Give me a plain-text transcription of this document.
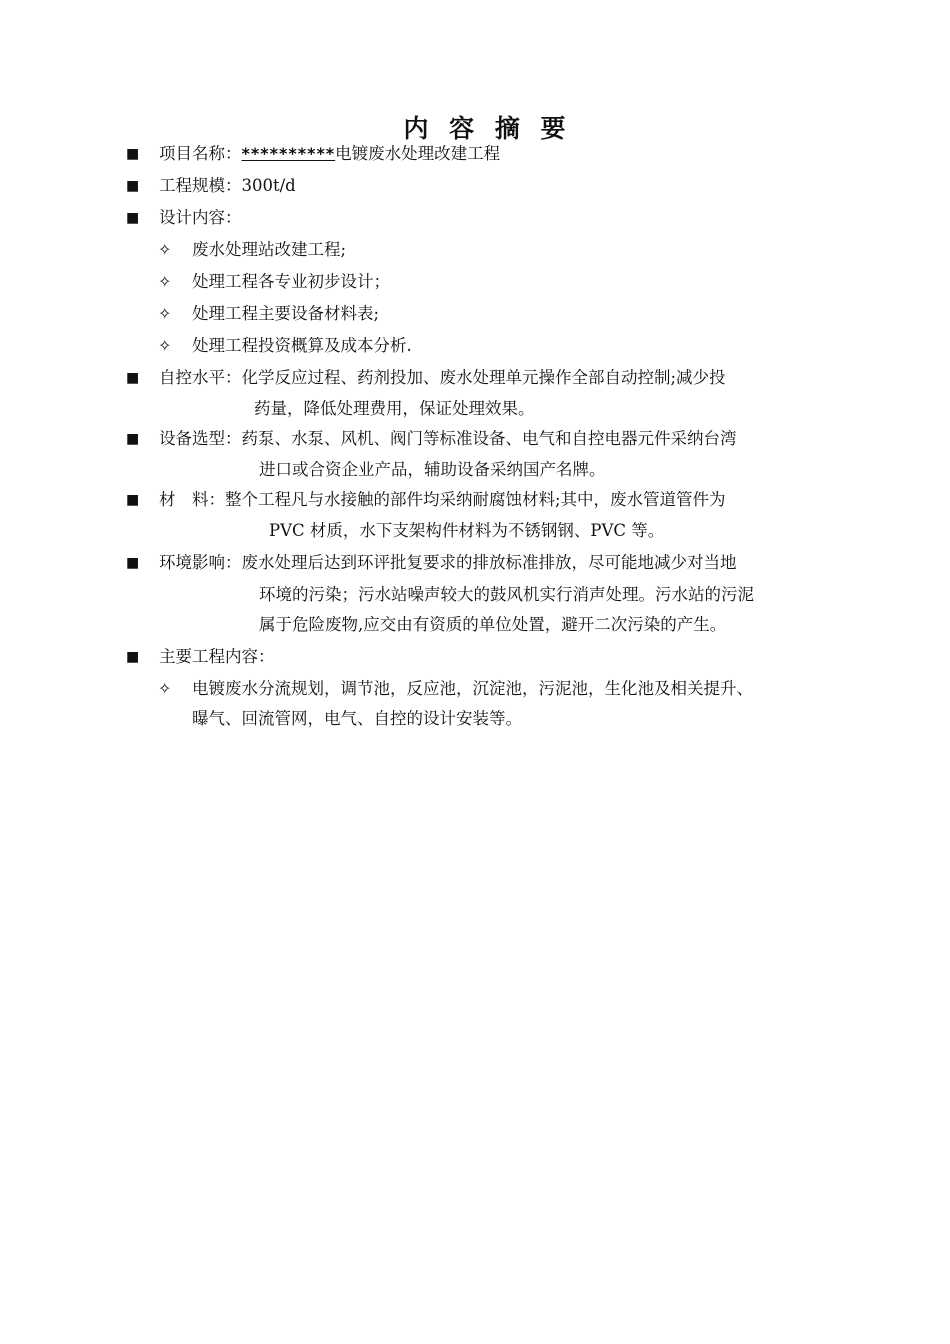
内 容 摘 要
■ 项目名称：**********电镀废水处理改建工程
■ 工程规模：300t/d
■ 设计内容：
✧ 废水处理站改建工程;
✧ 处理工程各专业初步设计；
✧ 处理工程主要设备材料表;
✧ 处理工程投资概算及成本分析.
■ 自控水平：化学反应过程、药剂投加、废水处理单元操作全部自动控制;减少投
药量，降低处理费用，保证处理效果。
■ 设备选型：药泵、水泵、风机、阀门等标准设备、电气和自控电器元件采纳台湾
进口或合资企业产品，辅助设备采纳国产名牌。
■ 材　料：整个工程凡与水接触的部件均采纳耐腐蚀材料;其中，废水管道管件为
PVC 材质，水下支架构件材料为不锈钢钢、PVC 等。
■ 环境影响：废水处理后达到环评批复要求的排放标准排放，尽可能地减少对当地
环境的污染；污水站噪声较大的鼓风机实行消声处理。污水站的污泥
属于危险废物,应交由有资质的单位处置，避开二次污染的产生。
■ 主要工程内容：
✧ 电镀废水分流规划，调节池，反应池，沉淀池，污泥池，生化池及相关提升、
曝气、回流管网，电气、自控的设计安装等。
